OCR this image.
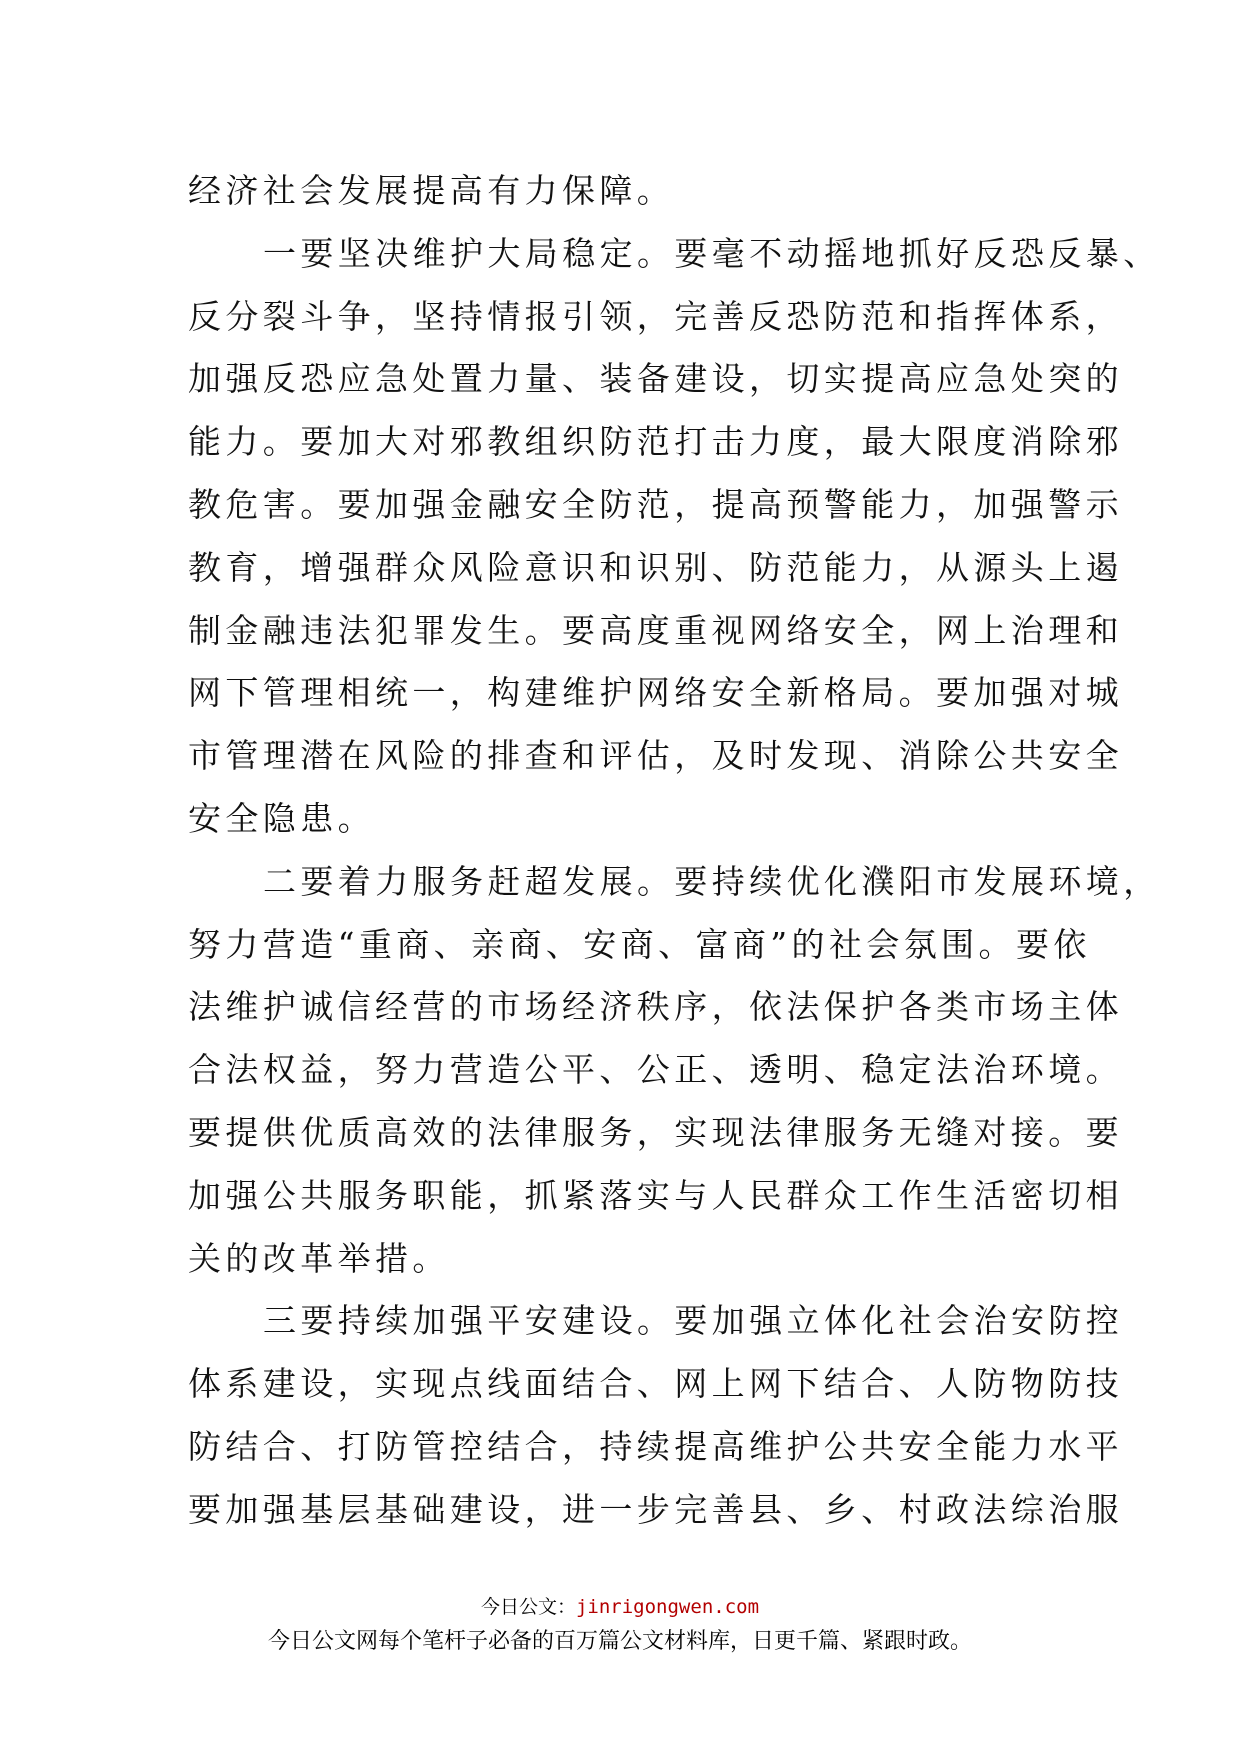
经济社会发展提高有力保障。
一要坚决维护大局稳定。要毫不动摇地抓好反恐反暴、
反分裂斗争，坚持情报引领，完善反恐防范和指挥体系，
加强反恐应急处置力量、装备建设，切实提高应急处突的
能力。要加大对邪教组织防范打击力度，最大限度消除邪
教危害。要加强金融安全防范，提高预警能力，加强警示
教育，增强群众风险意识和识别、防范能力，从源头上遏
制金融违法犯罪发生。要高度重视网络安全，网上治理和
网下管理相统一，构建维护网络安全新格局。要加强对城
市管理潜在风险的排查和评估，及时发现、消除公共安全
安全隐患。
二要着力服务赶超发展。要持续优化濮阳市发展环境，
努力营造“重商、亲商、安商、富商”的社会氛围。要依
法维护诚信经营的市场经济秩序，依法保护各类市场主体
合法权益，努力营造公平、公正、透明、稳定法治环境。
要提供优质高效的法律服务，实现法律服务无缝对接。要
加强公共服务职能，抓紧落实与人民群众工作生活密切相
关的改革举措。
三要持续加强平安建设。要加强立体化社会治安防控
体系建设，实现点线面结合、网上网下结合、人防物防技
防结合、打防管控结合，持续提高维护公共安全能力水平
要加强基层基础建设，进一步完善县、乡、村政法综治服
今日公文：jinrigongwen.com
今日公文网每个笔杆子必备的百万篇公文材料库，日更千篇、紧跟时政。
